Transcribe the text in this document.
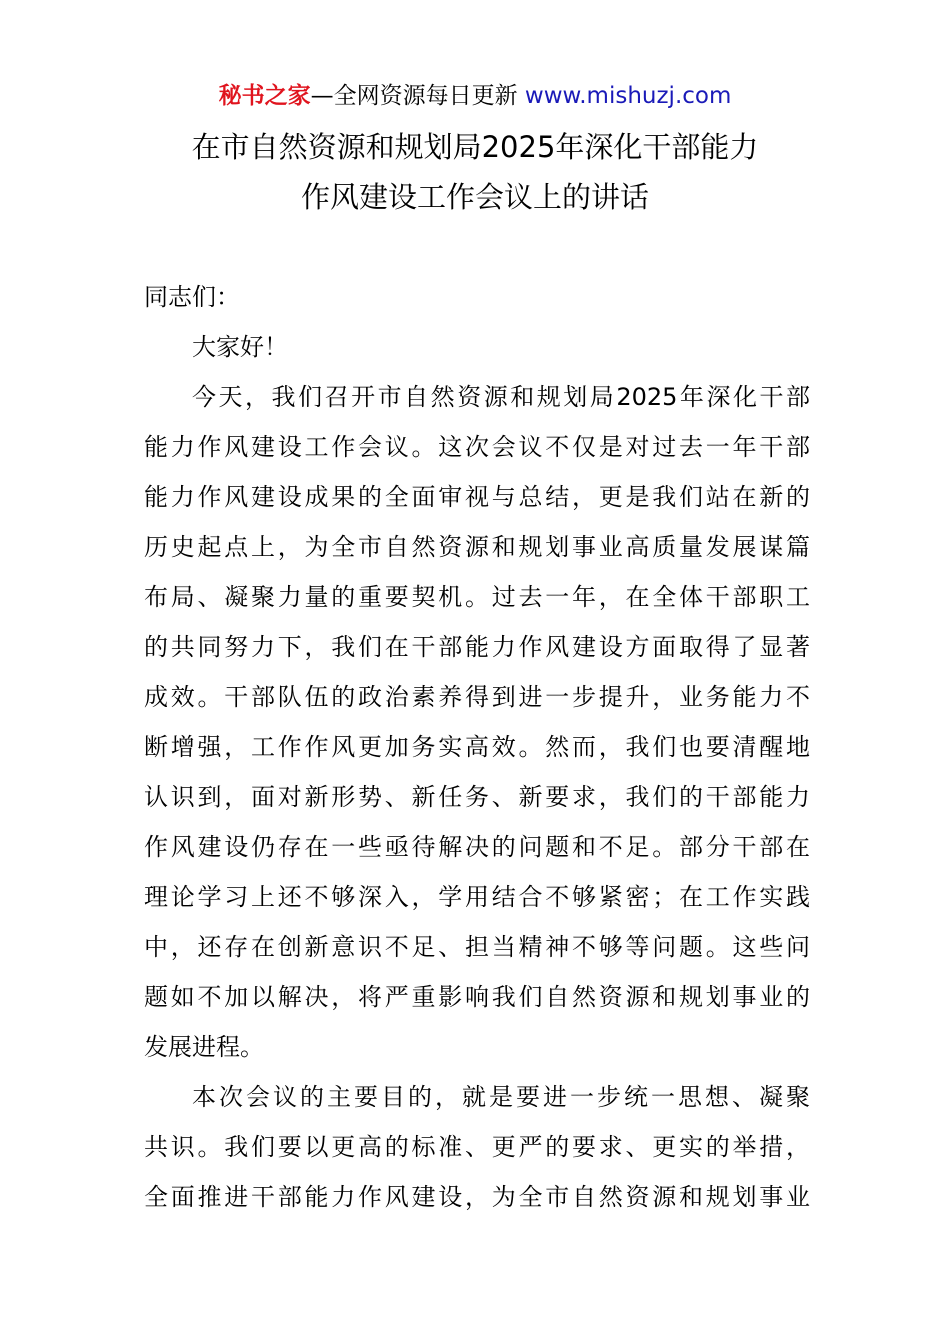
秘书之家—全网资源每日更新 www.mishuzj.com
在市自然资源和规划局2025年深化干部能力
作风建设工作会议上的讲话
同志们：
大家好！
今天，我们召开市自然资源和规划局2025年深化干部
能力作风建设工作会议。这次会议不仅是对过去一年干部
能力作风建设成果的全面审视与总结，更是我们站在新的
历史起点上，为全市自然资源和规划事业高质量发展谋篇
布局、凝聚力量的重要契机。过去一年，在全体干部职工
的共同努力下，我们在干部能力作风建设方面取得了显著
成效。干部队伍的政治素养得到进一步提升，业务能力不
断增强，工作作风更加务实高效。然而，我们也要清醒地
认识到，面对新形势、新任务、新要求，我们的干部能力
作风建设仍存在一些亟待解决的问题和不足。部分干部在
理论学习上还不够深入，学用结合不够紧密；在工作实践
中，还存在创新意识不足、担当精神不够等问题。这些问
题如不加以解决，将严重影响我们自然资源和规划事业的
发展进程。
本次会议的主要目的，就是要进一步统一思想、凝聚
共识。我们要以更高的标准、更严的要求、更实的举措，
全面推进干部能力作风建设，为全市自然资源和规划事业
